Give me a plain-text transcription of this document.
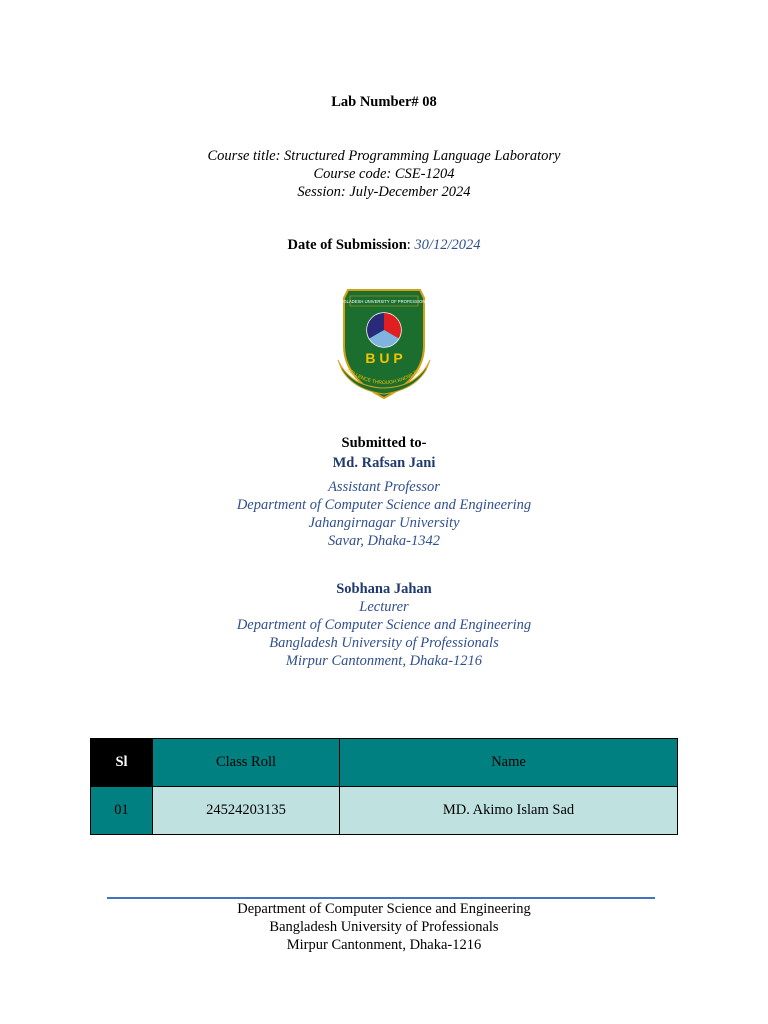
Lab Number# 08
Course title: Structured Programming Language Laboratory
Course code: CSE-1204
Session: July-December 2024
Date of Submission: 30/12/2024
BANGLADESH UNIVERSITY OF PROFESSIONALS
B U P
CELLENCE THROUGH KNOWLED
Submitted to-
Md. Rafsan Jani
Assistant Professor
Department of Computer Science and Engineering
Jahangirnagar University
Savar, Dhaka-1342
Sobhana Jahan
Lecturer
Department of Computer Science and Engineering
Bangladesh University of Professionals
Mirpur Cantonment, Dhaka-1216
Sl	Class Roll	Name
01	24524203135	MD. Akimo Islam Sad
Department of Computer Science and Engineering
Bangladesh University of Professionals
Mirpur Cantonment, Dhaka-1216
